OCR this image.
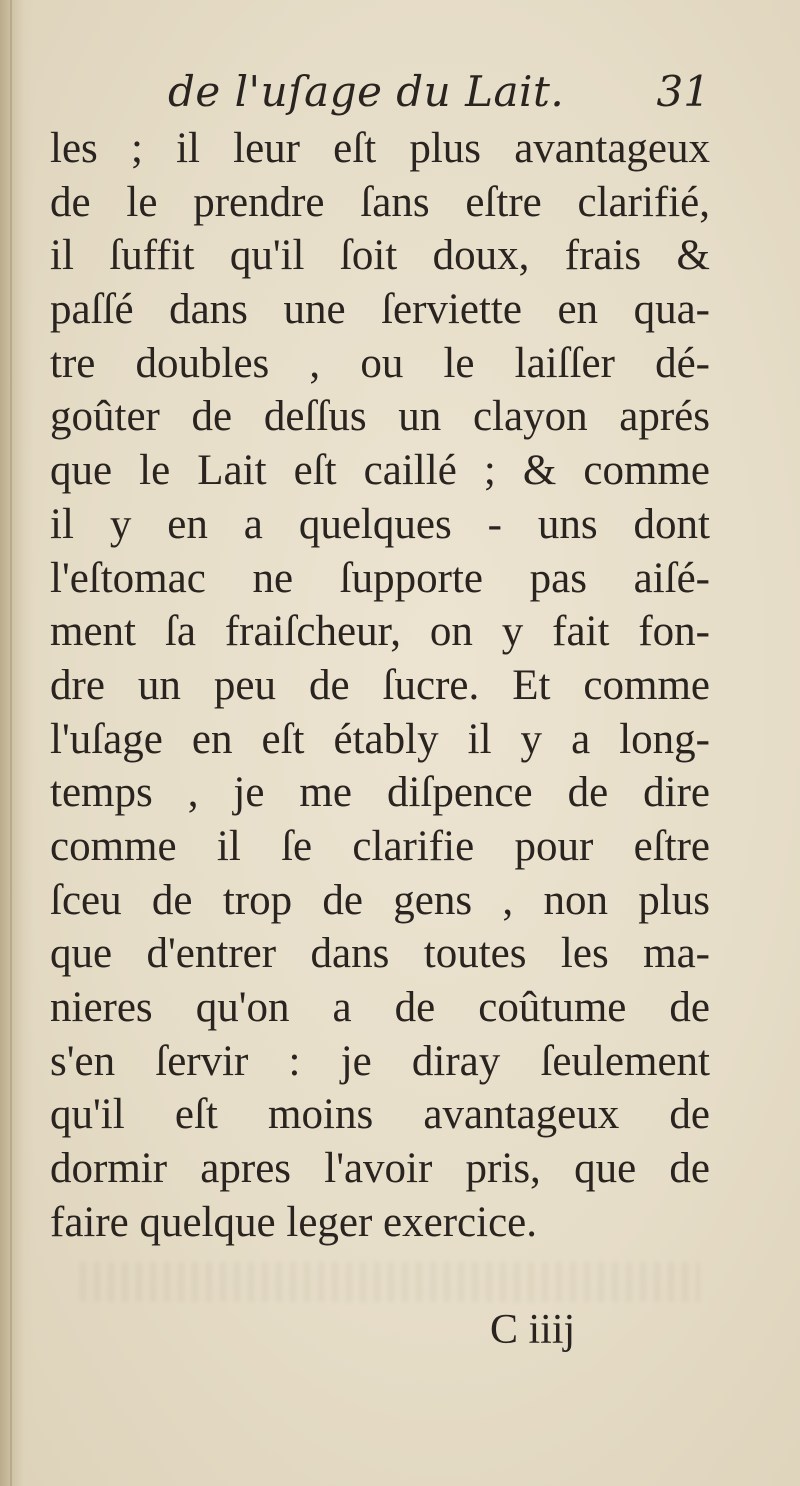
de l'uſage du Lait. 31
les ; il leur eſt plus avantageux
de le prendre ſans eſtre clarifié,
il ſuffit qu'il ſoit doux, frais &
paſſé dans une ſerviette en qua-
tre doubles , ou le laiſſer dé-
goûter de deſſus un clayon aprés
que le Lait eſt caillé ; & comme
il y en a quelques - uns dont
l'eſtomac ne ſupporte pas aiſé-
ment ſa fraiſcheur, on y fait fon-
dre un peu de ſucre. Et comme
l'uſage en eſt étably il y a long-
temps , je me diſpence de dire
comme il ſe clarifie pour eſtre
ſceu de trop de gens , non plus
que d'entrer dans toutes les ma-
nieres qu'on a de coûtume de
s'en ſervir : je diray ſeulement
qu'il eſt moins avantageux de
dormir apres l'avoir pris, que de
faire quelque leger exercice.
C iiij
